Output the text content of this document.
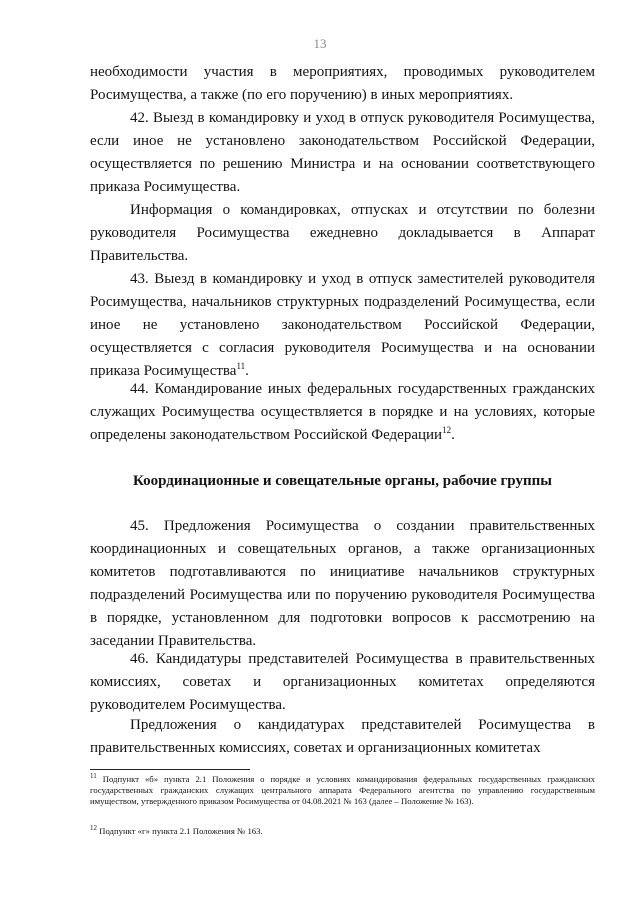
13

необходимости участия в мероприятиях, проводимых руководителем Росимущества, а также (по его поручению) в иных мероприятиях.

42. Выезд в командировку и уход в отпуск руководителя Росимущества, если иное не установлено законодательством Российской Федерации, осуществляется по решению Министра и на основании соответствующего приказа Росимущества.

Информация о командировках, отпусках и отсутствии по болезни руководителя Росимущества ежедневно докладывается в Аппарат Правительства.

43. Выезд в командировку и уход в отпуск заместителей руководителя Росимущества, начальников структурных подразделений Росимущества, если иное не установлено законодательством Российской Федерации, осуществляется с согласия руководителя Росимущества и на основании приказа Росимущества$^{11}$.

44. Командирование иных федеральных государственных гражданских служащих Росимущества осуществляется в порядке и на условиях, которые определены законодательством Российской Федерации$^{12}$.

Координационные и совещательные органы, рабочие группы

45. Предложения Росимущества о создании правительственных координационных и совещательных органов, а также организационных комитетов подготавливаются по инициативе начальников структурных подразделений Росимущества или по поручению руководителя Росимущества в порядке, установленном для подготовки вопросов к рассмотрению на заседании Правительства.

46. Кандидатуры представителей Росимущества в правительственных комиссиях, советах и организационных комитетах определяются руководителем Росимущества.

Предложения о кандидатурах представителей Росимущества в правительственных комиссиях, советах и организационных комитетах

$^{11}$ Подпункт «б» пункта 2.1 Положения о порядке и условиях командирования федеральных государственных гражданских государственных гражданских служащих центрального аппарата Федерального агентства по управлению государственным имуществом, утвержденного приказом Росимущества от 04.08.2021 № 163 (далее – Положение № 163).

$^{12}$ Подпункт «г» пункта 2.1 Положения № 163.
